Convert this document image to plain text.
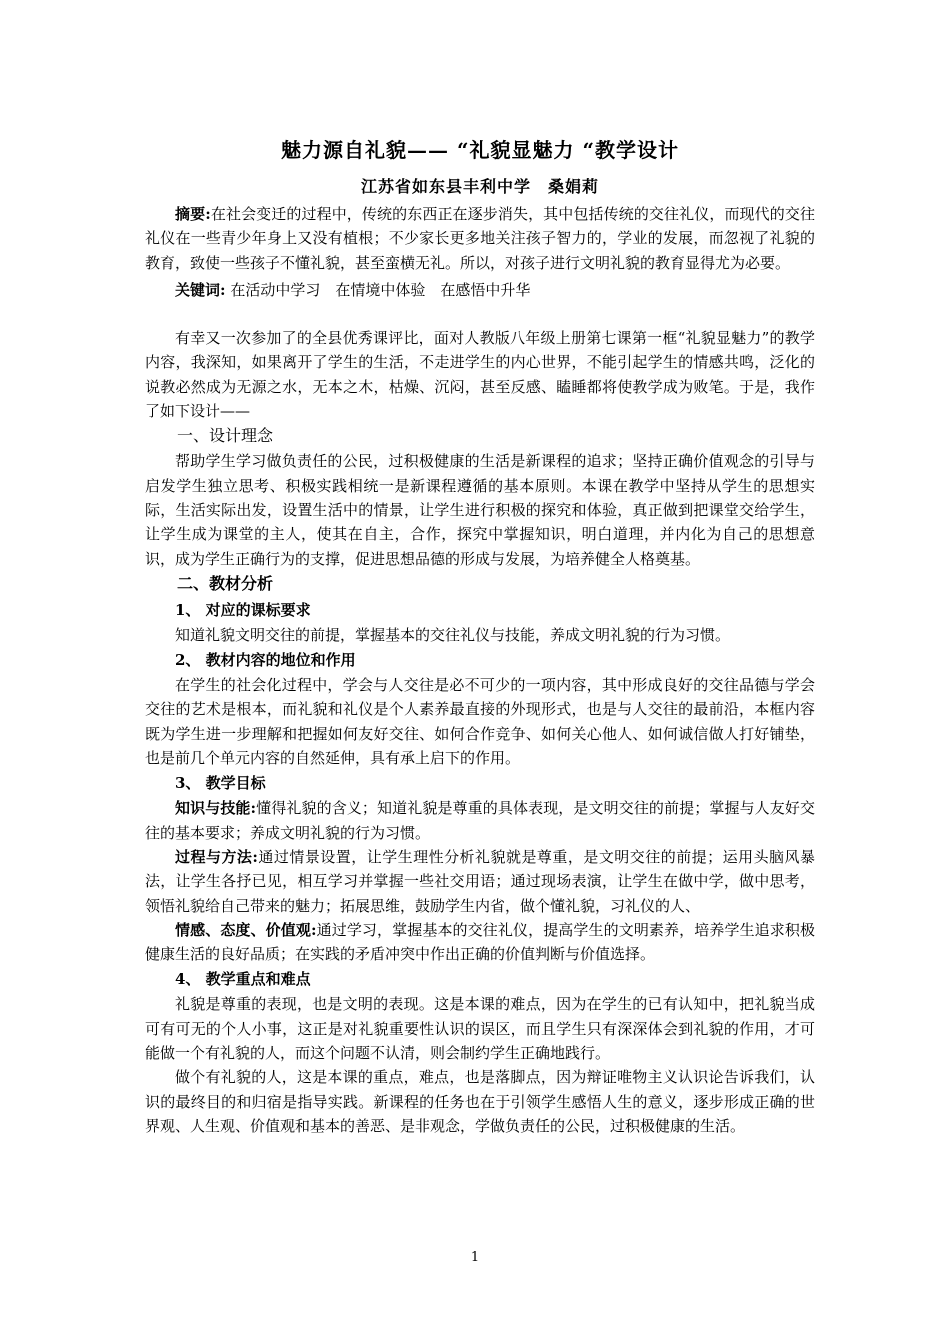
魅力源自礼貌—— “礼貌显魅力 “教学设计
江苏省如东县丰利中学　桑娟莉

摘要:在社会变迁的过程中，传统的东西正在逐步消失，其中包括传统的交往礼仪，而现代的交往礼仪在一些青少年身上又没有植根；不少家长更多地关注孩子智力的，学业的发展，而忽视了礼貌的教育，致使一些孩子不懂礼貌，甚至蛮横无礼。所以，对孩子进行文明礼貌的教育显得尤为必要。

关键词: 在活动中学习　在情境中体验　在感悟中升华

有幸又一次参加了的全县优秀课评比，面对人教版八年级上册第七课第一框“礼貌显魅力”的教学内容，我深知，如果离开了学生的生活，不走进学生的内心世界，不能引起学生的情感共鸣，泛化的说教必然成为无源之水，无本之木，枯燥、沉闷，甚至反感、瞌睡都将使教学成为败笔。于是，我作了如下设计——

一、设计理念

帮助学生学习做负责任的公民，过积极健康的生活是新课程的追求；坚持正确价值观念的引导与启发学生独立思考、积极实践相统一是新课程遵循的基本原则。本课在教学中坚持从学生的思想实际，生活实际出发，设置生活中的情景，让学生进行积极的探究和体验，真正做到把课堂交给学生，让学生成为课堂的主人，使其在自主，合作，探究中掌握知识，明白道理，并内化为自己的思想意识，成为学生正确行为的支撑，促进思想品德的形成与发展，为培养健全人格奠基。

二、教材分析
1、 对应的课标要求

知道礼貌文明交往的前提，掌握基本的交往礼仪与技能，养成文明礼貌的行为习惯。

2、 教材内容的地位和作用

在学生的社会化过程中，学会与人交往是必不可少的一项内容，其中形成良好的交往品德与学会交往的艺术是根本，而礼貌和礼仪是个人素养最直接的外现形式，也是与人交往的最前沿，本框内容既为学生进一步理解和把握如何友好交往、如何合作竞争、如何关心他人、如何诚信做人打好铺垫，也是前几个单元内容的自然延伸，具有承上启下的作用。

3、 教学目标

知识与技能:懂得礼貌的含义；知道礼貌是尊重的具体表现，是文明交往的前提；掌握与人友好交往的基本要求；养成文明礼貌的行为习惯。

过程与方法:通过情景设置，让学生理性分析礼貌就是尊重，是文明交往的前提；运用头脑风暴法，让学生各抒已见，相互学习并掌握一些社交用语；通过现场表演，让学生在做中学，做中思考，领悟礼貌给自己带来的魅力；拓展思维，鼓励学生内省，做个懂礼貌，习礼仪的人、

情感、态度、价值观:通过学习，掌握基本的交往礼仪，提高学生的文明素养，培养学生追求积极健康生活的良好品质；在实践的矛盾冲突中作出正确的价值判断与价值选择。

4、 教学重点和难点

礼貌是尊重的表现，也是文明的表现。这是本课的难点，因为在学生的已有认知中，把礼貌当成可有可无的个人小事，这正是对礼貌重要性认识的误区，而且学生只有深深体会到礼貌的作用，才可能做一个有礼貌的人，而这个问题不认清，则会制约学生正确地践行。

做个有礼貌的人，这是本课的重点，难点，也是落脚点，因为辩证唯物主义认识论告诉我们，认识的最终目的和归宿是指导实践。新课程的任务也在于引领学生感悟人生的意义，逐步形成正确的世界观、人生观、价值观和基本的善恶、是非观念，学做负责任的公民，过积极健康的生活。

1
